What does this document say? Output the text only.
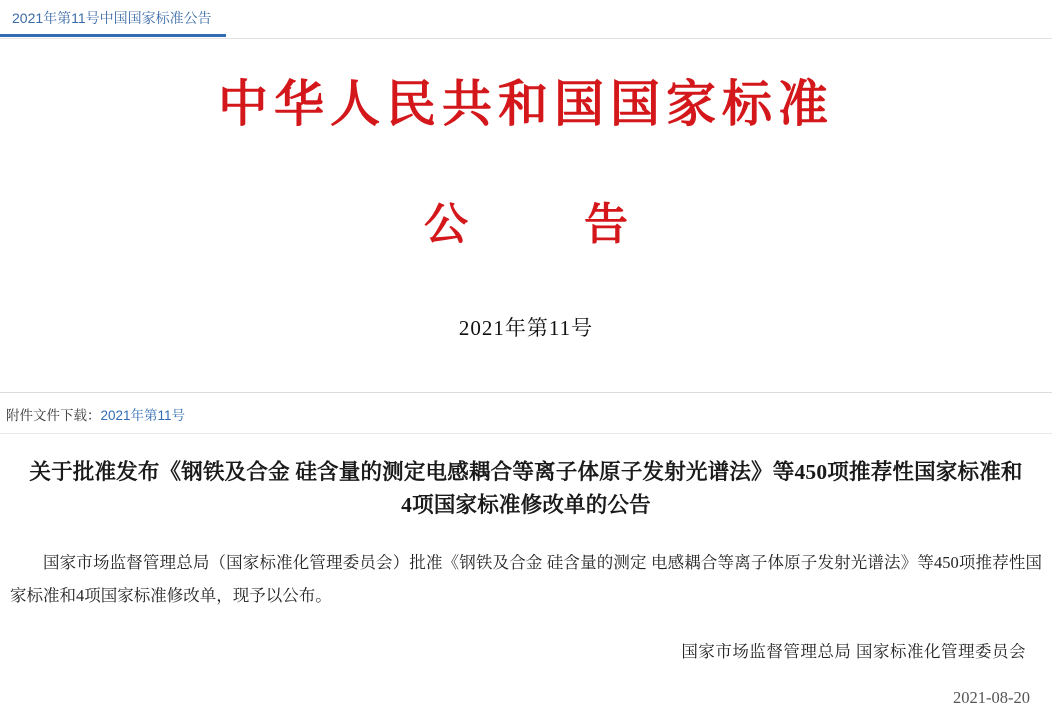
2021年第11号中国国家标准公告
中华人民共和国国家标准
公　告
2021年第11号
附件文件下载：2021年第11号
关于批准发布《钢铁及合金 硅含量的测定电感耦合等离子体原子发射光谱法》等450项推荐性国家标准和4项国家标准修改单的公告
国家市场监督管理总局（国家标准化管理委员会）批准《钢铁及合金 硅含量的测定 电感耦合等离子体原子发射光谱法》等450项推荐性国家标准和4项国家标准修改单，现予以公布。
国家市场监督管理总局 国家标准化管理委员会
2021-08-20
